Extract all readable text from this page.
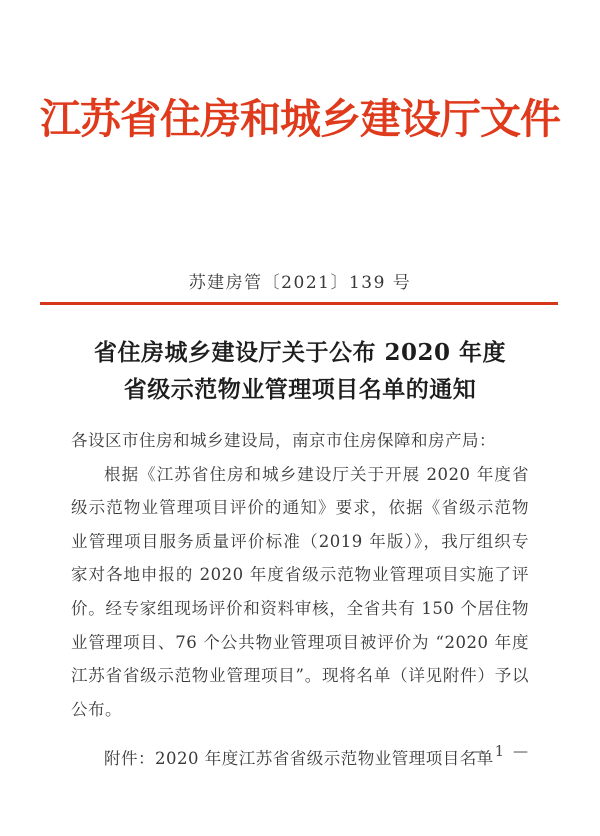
江苏省住房和城乡建设厅文件
苏建房管〔2021〕139 号
省住房城乡建设厅关于公布 2020 年度
省级示范物业管理项目名单的通知

各设区市住房和城乡建设局，南京市住房保障和房产局：

根据《江苏省住房和城乡建设厅关于开展 2020 年度省级示范物业管理项目评价的通知》要求，依据《省级示范物业管理项目服务质量评价标准（2019 年版）》，我厅组织专家对各地申报的 2020 年度省级示范物业管理项目实施了评价。经专家组现场评价和资料审核，全省共有 150 个居住物业管理项目、76 个公共物业管理项目被评价为 “2020 年度江苏省省级示范物业管理项目”。现将名单（详见附件）予以公布。

附件：2020 年度江苏省省级示范物业管理项目名单

— 1 —
